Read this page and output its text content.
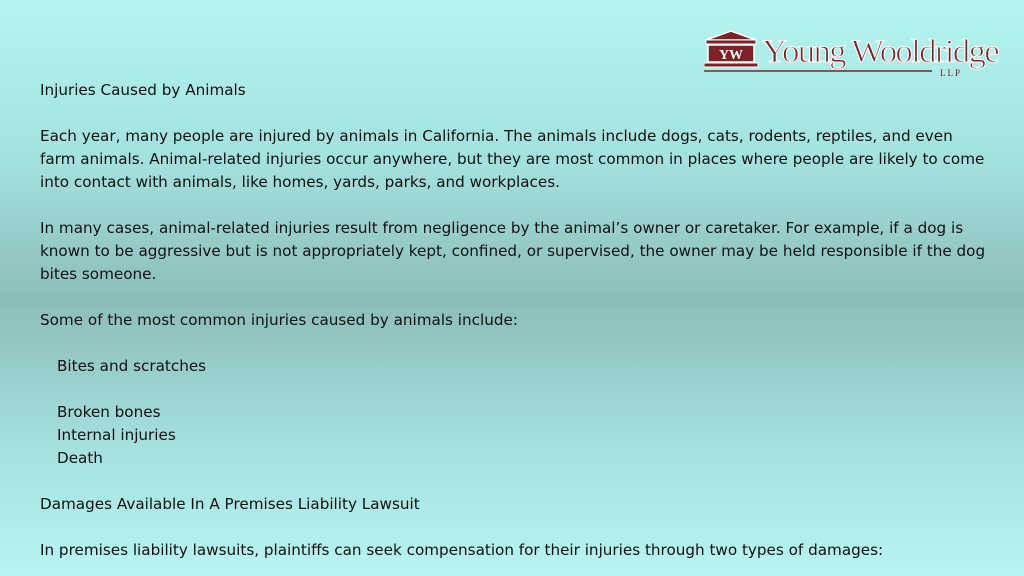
YW Young Wooldridge
LLP

Injuries Caused by Animals

Each year, many people are injured by animals in California. The animals include dogs, cats, rodents, reptiles, and even farm animals. Animal-related injuries occur anywhere, but they are most common in places where people are likely to come into contact with animals, like homes, yards, parks, and workplaces.

In many cases, animal-related injuries result from negligence by the animal’s owner or caretaker. For example, if a dog is known to be aggressive but is not appropriately kept, confined, or supervised, the owner may be held responsible if the dog bites someone.

Some of the most common injuries caused by animals include:

Bites and scratches

Broken bones

Internal injuries

Death

Damages Available In A Premises Liability Lawsuit

In premises liability lawsuits, plaintiffs can seek compensation for their injuries through two types of damages:
